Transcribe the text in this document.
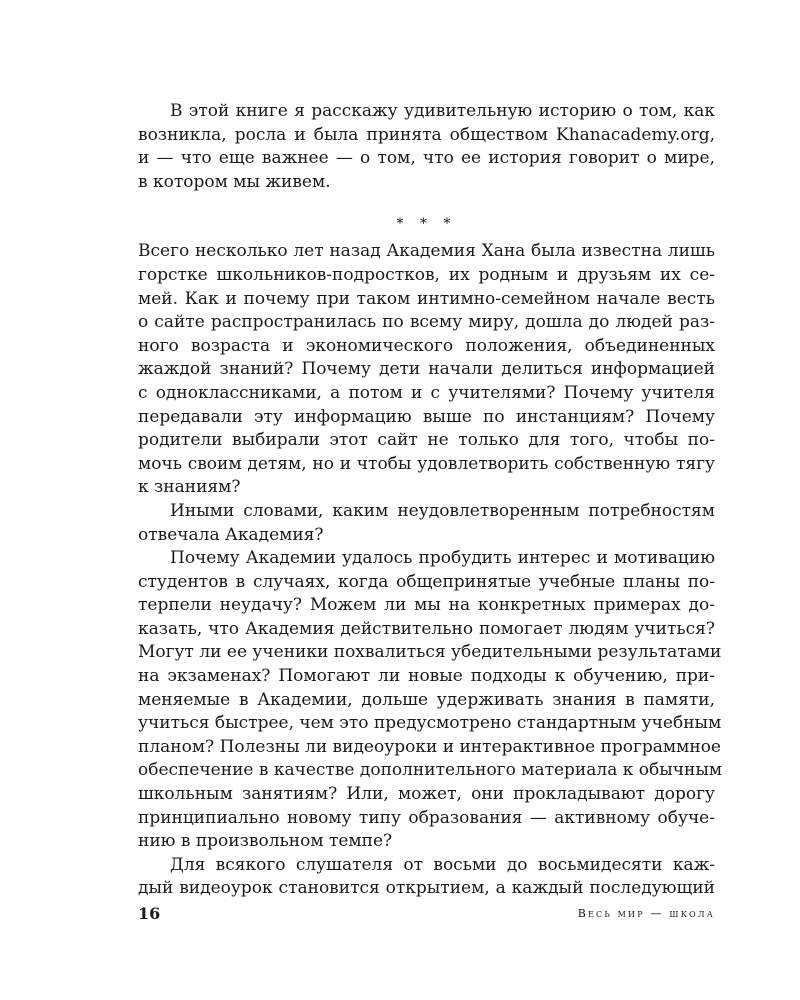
В этой книге я расскажу удивительную историю о том, как
возникла, росла и была принята обществом Khanacademy.org,
и — что еще важнее — о том, что ее история говорит о мире,
в котором мы живем.
* * *
Всего несколько лет назад Академия Хана была известна лишь
горстке школьников-подростков, их родным и друзьям их се-
мей. Как и почему при таком интимно-семейном начале весть
о сайте распространилась по всему миру, дошла до людей раз-
ного возраста и экономического положения, объединенных
жаждой знаний? Почему дети начали делиться информацией
с одноклассниками, а потом и с учителями? Почему учителя
передавали эту информацию выше по инстанциям? Почему
родители выбирали этот сайт не только для того, чтобы по-
мочь своим детям, но и чтобы удовлетворить собственную тягу
к знаниям?
Иными словами, каким неудовлетворенным потребностям
отвечала Академия?
Почему Академии удалось пробудить интерес и мотивацию
студентов в случаях, когда общепринятые учебные планы по-
терпели неудачу? Можем ли мы на конкретных примерах до-
казать, что Академия действительно помогает людям учиться?
Могут ли ее ученики похвалиться убедительными результатами
на экзаменах? Помогают ли новые подходы к обучению, при-
меняемые в Академии, дольше удерживать знания в памяти,
учиться быстрее, чем это предусмотрено стандартным учебным
планом? Полезны ли видеоуроки и интерактивное программное
обеспечение в качестве дополнительного материала к обычным
школьным занятиям? Или, может, они прокладывают дорогу
принципиально новому типу образования — активному обуче-
нию в произвольном темпе?
Для всякого слушателя от восьми до восьмидесяти каж-
дый видеоурок становится открытием, а каждый последующий
16	Весь мир — школа
